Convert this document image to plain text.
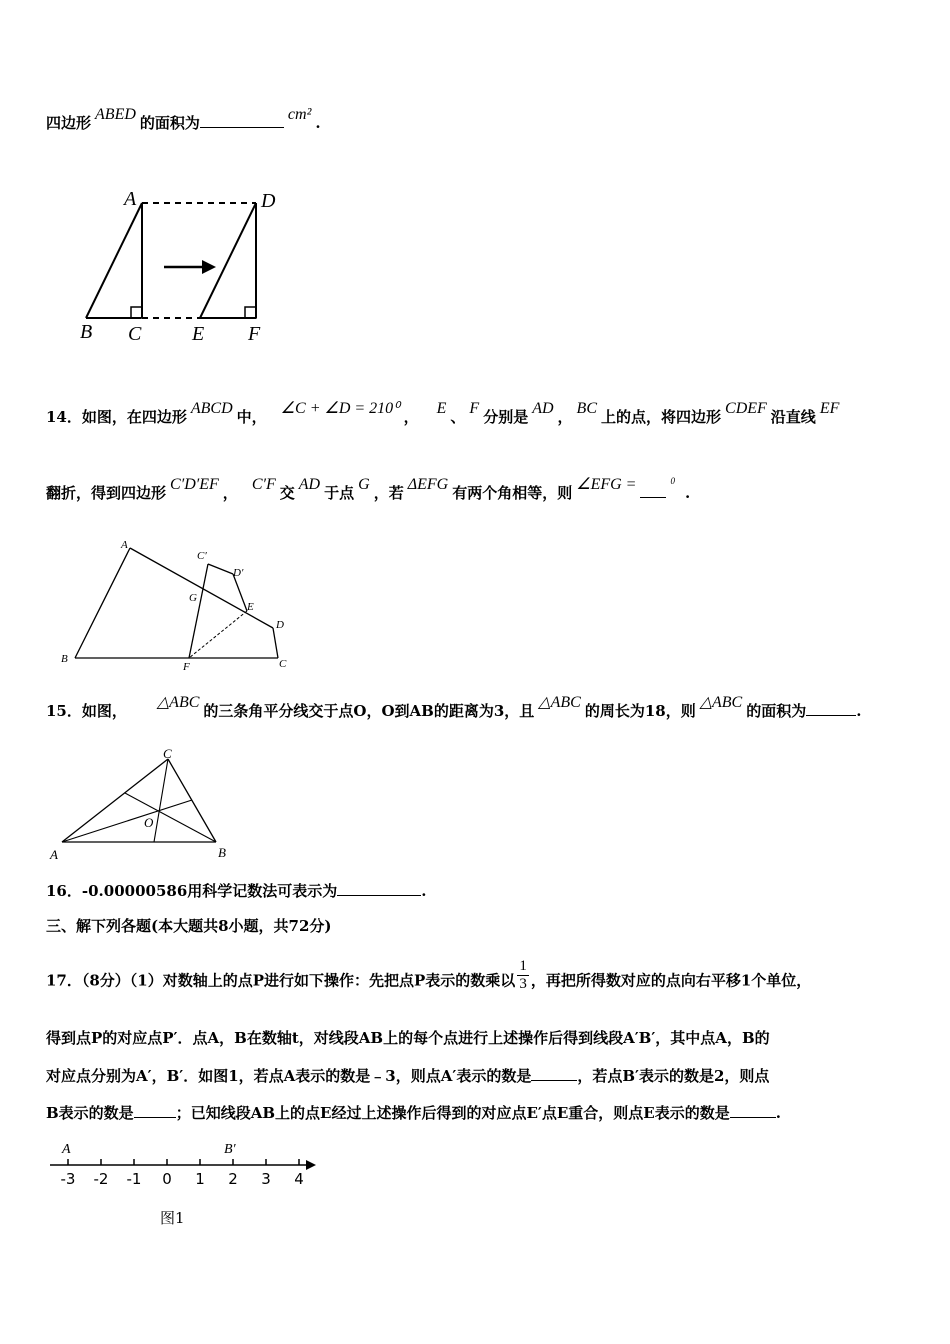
四边形 ABED 的面积为	cm² .
A	D
B C	E F
14．如图，在四边形 ABCD 中， ∠C + ∠D = 210⁰ ， E 、 F 分别是 AD ， BC 上的点，将四边形 CDEF 沿直线 EF
翻折，得到四边形 C′D′EF ， C′F 交 AD 于点 G ，若 ΔEFG 有两个角相等，则 ∠EFG =	$^0$.
A
B	C
D
E
F
G
C′
D′
15．如图， △ABC 的三条角平分线交于点O，O到AB的距离为3，且 △ABC 的周长为18，则 △ABC 的面积为	.
A	B
C
O
16．-0.00000586用科学记数法可表示为	.
三、解下列各题(本大题共8小题，共72分)
17．（8分）（1）对数轴上的点P进行如下操作：先把点P表示的数乘以 $\frac{1}{3}$ ，再把所得数对应的点向右平移1个单位，
得到点P的对应点P′．点A，B在数轴t，对线段AB上的每个点进行上述操作后得到线段A′B′，其中点A，B的
对应点分别为A′，B′．如图1，若点A表示的数是﹣3，则点A′表示的数是	，若点B′表示的数是2，则点
B表示的数是	；已知线段AB上的点E经过上述操作后得到的对应点E′点E重合，则点E表示的数是	.
-3 -2 -1 0 1 2 3 4
A	B′
图1
